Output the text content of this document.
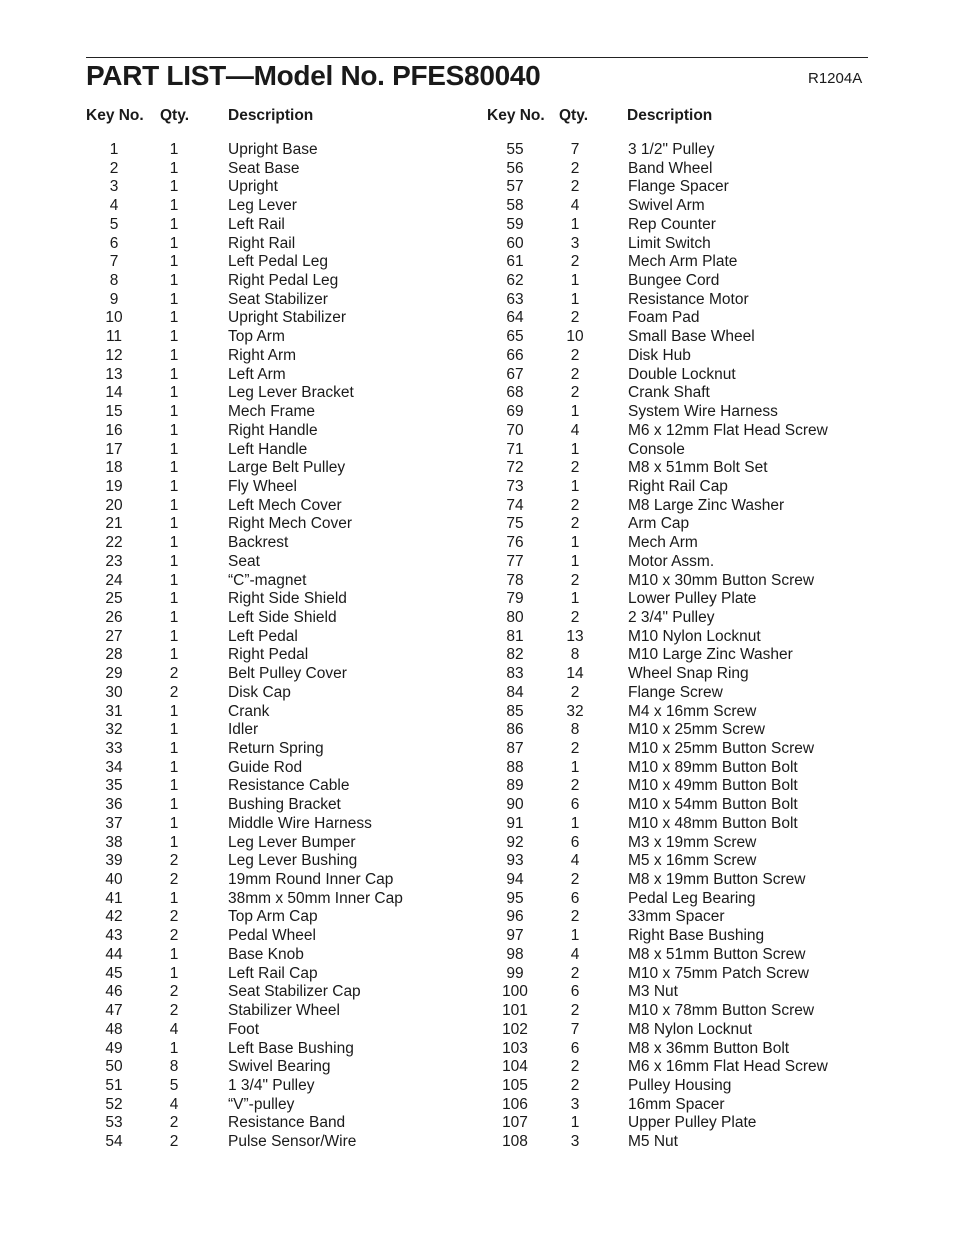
PART LIST—Model No. PFES80040	R1204A
Key No. Qty.	Description	Key No. Qty.	Description
1	1	Upright Base
2	1	Seat Base
3	1	Upright
4	1	Leg Lever
5	1	Left Rail
6	1	Right Rail
7	1	Left Pedal Leg
8	1	Right Pedal Leg
9	1	Seat Stabilizer
10	1	Upright Stabilizer
11	1	Top Arm
12	1	Right Arm
13	1	Left Arm
14	1	Leg Lever Bracket
15	1	Mech Frame
16	1	Right Handle
17	1	Left Handle
18	1	Large Belt Pulley
19	1	Fly Wheel
20	1	Left Mech Cover
21	1	Right Mech Cover
22	1	Backrest
23	1	Seat
24	1	“C”-magnet
25	1	Right Side Shield
26	1	Left Side Shield
27	1	Left Pedal
28	1	Right Pedal
29	2	Belt Pulley Cover
30	2	Disk Cap
31	1	Crank
32	1	Idler
33	1	Return Spring
34	1	Guide Rod
35	1	Resistance Cable
36	1	Bushing Bracket
37	1	Middle Wire Harness
38	1	Leg Lever Bumper
39	2	Leg Lever Bushing
40	2	19mm Round Inner Cap
41	1	38mm x 50mm Inner Cap
42	2	Top Arm Cap
43	2	Pedal Wheel
44	1	Base Knob
45	1	Left Rail Cap
46	2	Seat Stabilizer Cap
47	2	Stabilizer Wheel
48	4	Foot
49	1	Left Base Bushing
50	8	Swivel Bearing
51	5	1 3/4" Pulley
52	4	“V”-pulley
53	2	Resistance Band
54	2	Pulse Sensor/Wire
55	7	3 1/2" Pulley
56	2	Band Wheel
57	2	Flange Spacer
58	4	Swivel Arm
59	1	Rep Counter
60	3	Limit Switch
61	2	Mech Arm Plate
62	1	Bungee Cord
63	1	Resistance Motor
64	2	Foam Pad
65	10	Small Base Wheel
66	2	Disk Hub
67	2	Double Locknut
68	2	Crank Shaft
69	1	System Wire Harness
70	4	M6 x 12mm Flat Head Screw
71	1	Console
72	2	M8 x 51mm Bolt Set
73	1	Right Rail Cap
74	2	M8 Large Zinc Washer
75	2	Arm Cap
76	1	Mech Arm
77	1	Motor Assm.
78	2	M10 x 30mm Button Screw
79	1	Lower Pulley Plate
80	2	2 3/4" Pulley
81	13	M10 Nylon Locknut
82	8	M10 Large Zinc Washer
83	14	Wheel Snap Ring
84	2	Flange Screw
85	32	M4 x 16mm Screw
86	8	M10 x 25mm Screw
87	2	M10 x 25mm Button Screw
88	1	M10 x 89mm Button Bolt
89	2	M10 x 49mm Button Bolt
90	6	M10 x 54mm Button Bolt
91	1	M10 x 48mm Button Bolt
92	6	M3 x 19mm Screw
93	4	M5 x 16mm Screw
94	2	M8 x 19mm Button Screw
95	6	Pedal Leg Bearing
96	2	33mm Spacer
97	1	Right Base Bushing
98	4	M8 x 51mm Button Screw
99	2	M10 x 75mm Patch Screw
100	6	M3 Nut
101	2	M10 x 78mm Button Screw
102	7	M8 Nylon Locknut
103	6	M8 x 36mm Button Bolt
104	2	M6 x 16mm Flat Head Screw
105	2	Pulley Housing
106	3	16mm Spacer
107	1	Upper Pulley Plate
108	3	M5 Nut
